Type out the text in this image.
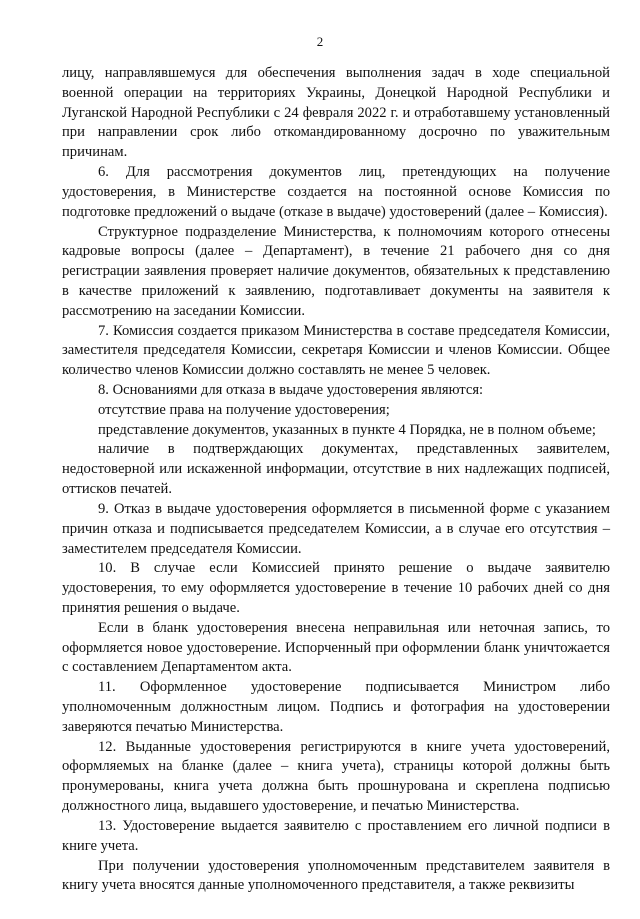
2

лицу, направлявшемуся для обеспечения выполнения задач в ходе специальной военной операции на территориях Украины, Донецкой Народной Республики и Луганской Народной Республики с 24 февраля 2022 г. и отработавшему установленный при направлении срок либо откомандированному досрочно по уважительным причинам.

6. Для рассмотрения документов лиц, претендующих на получение удостоверения, в Министерстве создается на постоянной основе Комиссия по подготовке предложений о выдаче (отказе в выдаче) удостоверений (далее – Комиссия).

Структурное подразделение Министерства, к полномочиям которого отнесены кадровые вопросы (далее – Департамент), в течение 21 рабочего дня со дня регистрации заявления проверяет наличие документов, обязательных к представлению в качестве приложений к заявлению, подготавливает документы на заявителя к рассмотрению на заседании Комиссии.

7. Комиссия создается приказом Министерства в составе председателя Комиссии, заместителя председателя Комиссии, секретаря Комиссии и членов Комиссии. Общее количество членов Комиссии должно составлять не менее 5 человек.

8. Основаниями для отказа в выдаче удостоверения являются:

отсутствие права на получение удостоверения;

представление документов, указанных в пункте 4 Порядка, не в полном объеме;

наличие в подтверждающих документах, представленных заявителем, недостоверной или искаженной информации, отсутствие в них надлежащих подписей, оттисков печатей.

9. Отказ в выдаче удостоверения оформляется в письменной форме с указанием причин отказа и подписывается председателем Комиссии, а в случае его отсутствия – заместителем председателя Комиссии.

10. В случае если Комиссией принято решение о выдаче заявителю удостоверения, то ему оформляется удостоверение в течение 10 рабочих дней со дня принятия решения о выдаче.

Если в бланк удостоверения внесена неправильная или неточная запись, то оформляется новое удостоверение. Испорченный при оформлении бланк уничтожается с составлением Департаментом акта.

11. Оформленное удостоверение подписывается Министром либо уполномоченным должностным лицом. Подпись и фотография на удостоверении заверяются печатью Министерства.

12. Выданные удостоверения регистрируются в книге учета удостоверений, оформляемых на бланке (далее – книга учета), страницы которой должны быть пронумерованы, книга учета должна быть прошнурована и скреплена подписью должностного лица, выдавшего удостоверение, и печатью Министерства.

13. Удостоверение выдается заявителю с проставлением его личной подписи в книге учета.

При получении удостоверения уполномоченным представителем заявителя в книгу учета вносятся данные уполномоченного представителя, а также реквизиты
